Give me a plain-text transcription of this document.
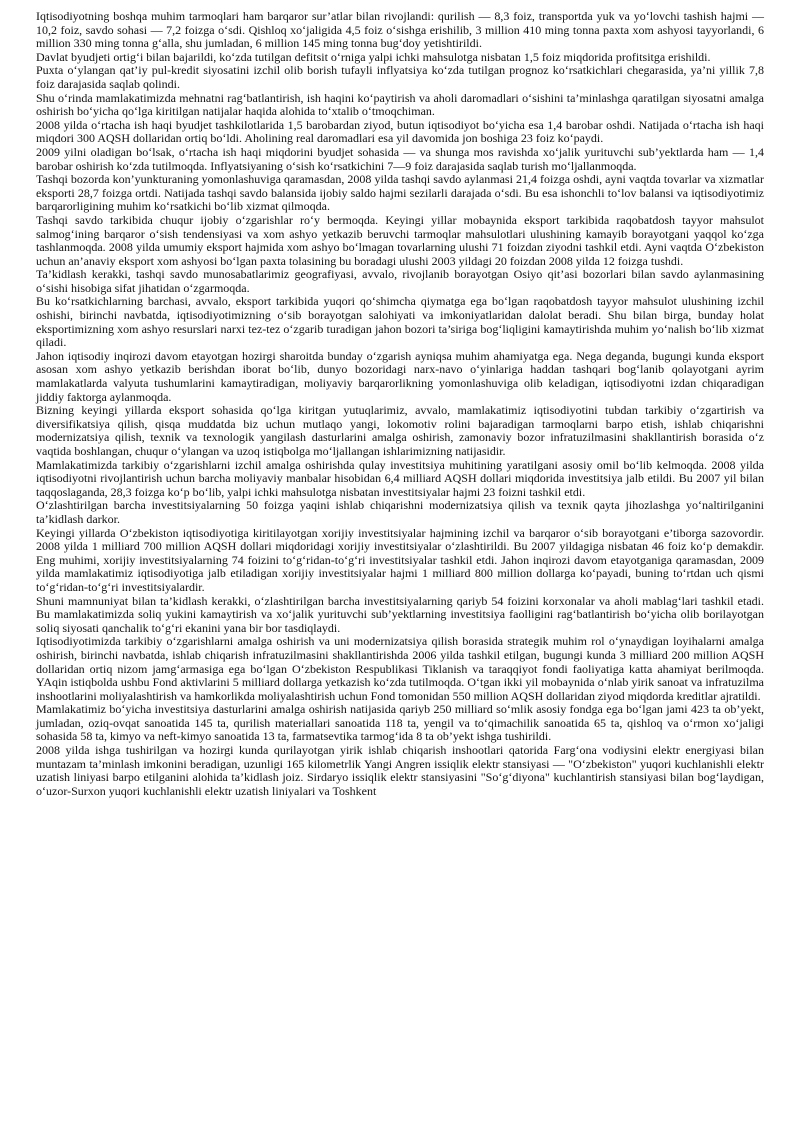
Iqtisodiyotning boshqa muhim tarmoqlari ham barqaror sur’atlar bilan rivojlandi: qurilish — 8,3 foiz, transportda yuk va yo‘lovchi tashish hajmi — 10,2 foiz, savdo sohasi — 7,2 foizga o‘sdi. Qishloq xo‘jaligida 4,5 foiz o‘sishga erishilib, 3 million 410 ming tonna paxta xom ashyosi tayyorlandi, 6 million 330 ming tonna g‘alla, shu jumladan, 6 million 145 ming tonna bug‘doy yetishtirildi.

Davlat byudjeti ortig‘i bilan bajarildi, ko‘zda tutilgan defitsit o‘rniga yalpi ichki mahsulotga nisbatan 1,5 foiz miqdorida profitsitga erishildi.

Puxta o‘ylangan qat’iy pul-kredit siyosatini izchil olib borish tufayli inflyatsiya ko‘zda tutilgan prognoz ko‘rsatkichlari chegarasida, ya’ni yillik 7,8 foiz darajasida saqlab qolindi.

Shu o‘rinda mamlakatimizda mehnatni rag‘batlantirish, ish haqini ko‘paytirish va aholi daromadlari o‘sishini ta’minlashga qaratilgan siyosatni amalga oshirish bo‘yicha qo‘lga kiritilgan natijalar haqida alohida to‘xtalib o‘tmoqchiman.

2008 yilda o‘rtacha ish haqi byudjet tashkilotlarida 1,5 barobardan ziyod, butun iqtisodiyot bo‘yicha esa 1,4 barobar oshdi. Natijada o‘rtacha ish haqi miqdori 300 AQSH dollaridan ortiq bo‘ldi. Aholining real daromadlari esa yil davomida jon boshiga 23 foiz ko‘paydi.

2009 yilni oladigan bo‘lsak, o‘rtacha ish haqi miqdorini byudjet sohasida — va shunga mos ravishda xo‘jalik yurituvchi sub’yektlarda ham — 1,4 barobar oshirish ko‘zda tutilmoqda. Inflyatsiyaning o‘sish ko‘rsatkichini 7—9 foiz darajasida saqlab turish mo‘ljallanmoqda.

Tashqi bozorda kon’yunkturaning yomonlashuviga qaramasdan, 2008 yilda tashqi savdo aylanmasi 21,4 foizga oshdi, ayni vaqtda tovarlar va xizmatlar eksporti 28,7 foizga ortdi. Natijada tashqi savdo balansida ijobiy saldo hajmi sezilarli darajada o‘sdi. Bu esa ishonchli to‘lov balansi va iqtisodiyotimiz barqarorligining muhim ko‘rsatkichi bo‘lib xizmat qilmoqda.

Tashqi savdo tarkibida chuqur ijobiy o‘zgarishlar ro‘y bermoqda. Keyingi yillar mobaynida eksport tarkibida raqobatdosh tayyor mahsulot salmog‘ining barqaror o‘sish tendensiyasi va xom ashyo yetkazib beruvchi tarmoqlar mahsulotlari ulushining kamayib borayotgani yaqqol ko‘zga tashlanmoqda. 2008 yilda umumiy eksport hajmida xom ashyo bo‘lmagan tovarlarning ulushi 71 foizdan ziyodni tashkil etdi. Ayni vaqtda O‘zbekiston uchun an’anaviy eksport xom ashyosi bo‘lgan paxta tolasining bu boradagi ulushi 2003 yildagi 20 foizdan 2008 yilda 12 foizga tushdi.

Ta’kidlash kerakki, tashqi savdo munosabatlarimiz geografiyasi, avvalo, rivojlanib borayotgan Osiyo qit’asi bozorlari bilan savdo aylanmasining o‘sishi hisobiga sifat jihatidan o‘zgarmoqda.

Bu ko‘rsatkichlarning barchasi, avvalo, eksport tarkibida yuqori qo‘shimcha qiymatga ega bo‘lgan raqobatdosh tayyor mahsulot ulushining izchil oshishi, birinchi navbatda, iqtisodiyotimizning o‘sib borayotgan salohiyati va imkoniyatlaridan dalolat beradi. Shu bilan birga, bunday holat eksportimizning xom ashyo resurslari narxi tez-tez o‘zgarib turadigan jahon bozori ta’siriga bog‘liqligini kamaytirishda muhim yo‘nalish bo‘lib xizmat qiladi.

Jahon iqtisodiy inqirozi davom etayotgan hozirgi sharoitda bunday o‘zgarish ayniqsa muhim ahamiyatga ega. Nega deganda, bugungi kunda eksport asosan xom ashyo yetkazib berishdan iborat bo‘lib, dunyo bozoridagi narx-navo o‘yinlariga haddan tashqari bog‘lanib qolayotgani ayrim mamlakatlarda valyuta tushumlarini kamaytiradigan, moliyaviy barqarorlikning yomonlashuviga olib keladigan, iqtisodiyotni izdan chiqaradigan jiddiy faktorga aylanmoqda.

Bizning keyingi yillarda eksport sohasida qo‘lga kiritgan yutuqlarimiz, avvalo, mamlakatimiz iqtisodiyotini tubdan tarkibiy o‘zgartirish va diversifikatsiya qilish, qisqa muddatda biz uchun mutlaqo yangi, lokomotiv rolini bajaradigan tarmoqlarni barpo etish, ishlab chiqarishni modernizatsiya qilish, texnik va texnologik yangilash dasturlarini amalga oshirish, zamonaviy bozor infratuzilmasini shakllantirish borasida o‘z vaqtida boshlangan, chuqur o‘ylangan va uzoq istiqbolga mo‘ljallangan ishlarimizning natijasidir.

Mamlakatimizda tarkibiy o‘zgarishlarni izchil amalga oshirishda qulay investitsiya muhitining yaratilgani asosiy omil bo‘lib kelmoqda. 2008 yilda iqtisodiyotni rivojlantirish uchun barcha moliyaviy manbalar hisobidan 6,4 milliard AQSH dollari miqdorida investitsiya jalb etildi. Bu 2007 yil bilan taqqoslaganda, 28,3 foizga ko‘p bo‘lib, yalpi ichki mahsulotga nisbatan investitsiyalar hajmi 23 foizni tashkil etdi.

O‘zlashtirilgan barcha investitsiyalarning 50 foizga yaqini ishlab chiqarishni modernizatsiya qilish va texnik qayta jihozlashga yo‘naltirilganini ta’kidlash darkor.

Keyingi yillarda O‘zbekiston iqtisodiyotiga kiritilayotgan xorijiy investitsiyalar hajmining izchil va barqaror o‘sib borayotgani e’tiborga sazovordir. 2008 yilda 1 milliard 700 million AQSH dollari miqdoridagi xorijiy investitsiyalar o‘zlashtirildi. Bu 2007 yildagiga nisbatan 46 foiz ko‘p demakdir. Eng muhimi, xorijiy investitsiyalarning 74 foizini to‘g‘ridan-to‘g‘ri investitsiyalar tashkil etdi. Jahon inqirozi davom etayotganiga qaramasdan, 2009 yilda mamlakatimiz iqtisodiyotiga jalb etiladigan xorijiy investitsiyalar hajmi 1 milliard 800 million dollarga ko‘payadi, buning to‘rtdan uch qismi to‘g‘ridan-to‘g‘ri investitsiyalardir.

Shuni mamnuniyat bilan ta’kidlash kerakki, o‘zlashtirilgan barcha investitsiyalarning qariyb 54 foizini korxonalar va aholi mablag‘lari tashkil etadi. Bu mamlakatimizda soliq yukini kamaytirish va xo‘jalik yurituvchi sub’yektlarning investitsiya faolligini rag‘batlantirish bo‘yicha olib borilayotgan soliq siyosati qanchalik to‘g‘ri ekanini yana bir bor tasdiqlaydi.

Iqtisodiyotimizda tarkibiy o‘zgarishlarni amalga oshirish va uni modernizatsiya qilish borasida strategik muhim rol o‘ynaydigan loyihalarni amalga oshirish, birinchi navbatda, ishlab chiqarish infratuzilmasini shakllantirishda 2006 yilda tashkil etilgan, bugungi kunda 3 milliard 200 million AQSH dollaridan ortiq nizom jamg‘armasiga ega bo‘lgan O‘zbekiston Respublikasi Tiklanish va taraqqiyot fondi faoliyatiga katta ahamiyat berilmoqda. YAqin istiqbolda ushbu Fond aktivlarini 5 milliard dollarga yetkazish ko‘zda tutilmoqda. O‘tgan ikki yil mobaynida o‘nlab yirik sanoat va infratuzilma inshootlarini moliyalashtirish va hamkorlikda moliyalashtirish uchun Fond tomonidan 550 million AQSH dollaridan ziyod miqdorda kreditlar ajratildi.

Mamlakatimiz bo‘yicha investitsiya dasturlarini amalga oshirish natijasida qariyb 250 milliard so‘mlik asosiy fondga ega bo‘lgan jami 423 ta ob’yekt, jumladan, oziq-ovqat sanoatida 145 ta, qurilish materiallari sanoatida 118 ta, yengil va to‘qimachilik sanoatida 65 ta, qishloq va o‘rmon xo‘jaligi sohasida 58 ta, kimyo va neft-kimyo sanoatida 13 ta, farmatsevtika tarmog‘ida 8 ta ob’yekt ishga tushirildi.

2008 yilda ishga tushirilgan va hozirgi kunda qurilayotgan yirik ishlab chiqarish inshootlari qatorida Farg‘ona vodiysini elektr energiyasi bilan muntazam ta’minlash imkonini beradigan, uzunligi 165 kilometrlik Yangi Angren issiqlik elektr stansiyasi — "O‘zbekiston" yuqori kuchlanishli elektr uzatish liniyasi barpo etilganini alohida ta’kidlash joiz. Sirdaryo issiqlik elektr stansiyasini "So‘g‘diyona" kuchlantirish stansiyasi bilan bog‘laydigan, o‘uzor-Surxon yuqori kuchlanishli elektr uzatish liniyalari va Toshkent
